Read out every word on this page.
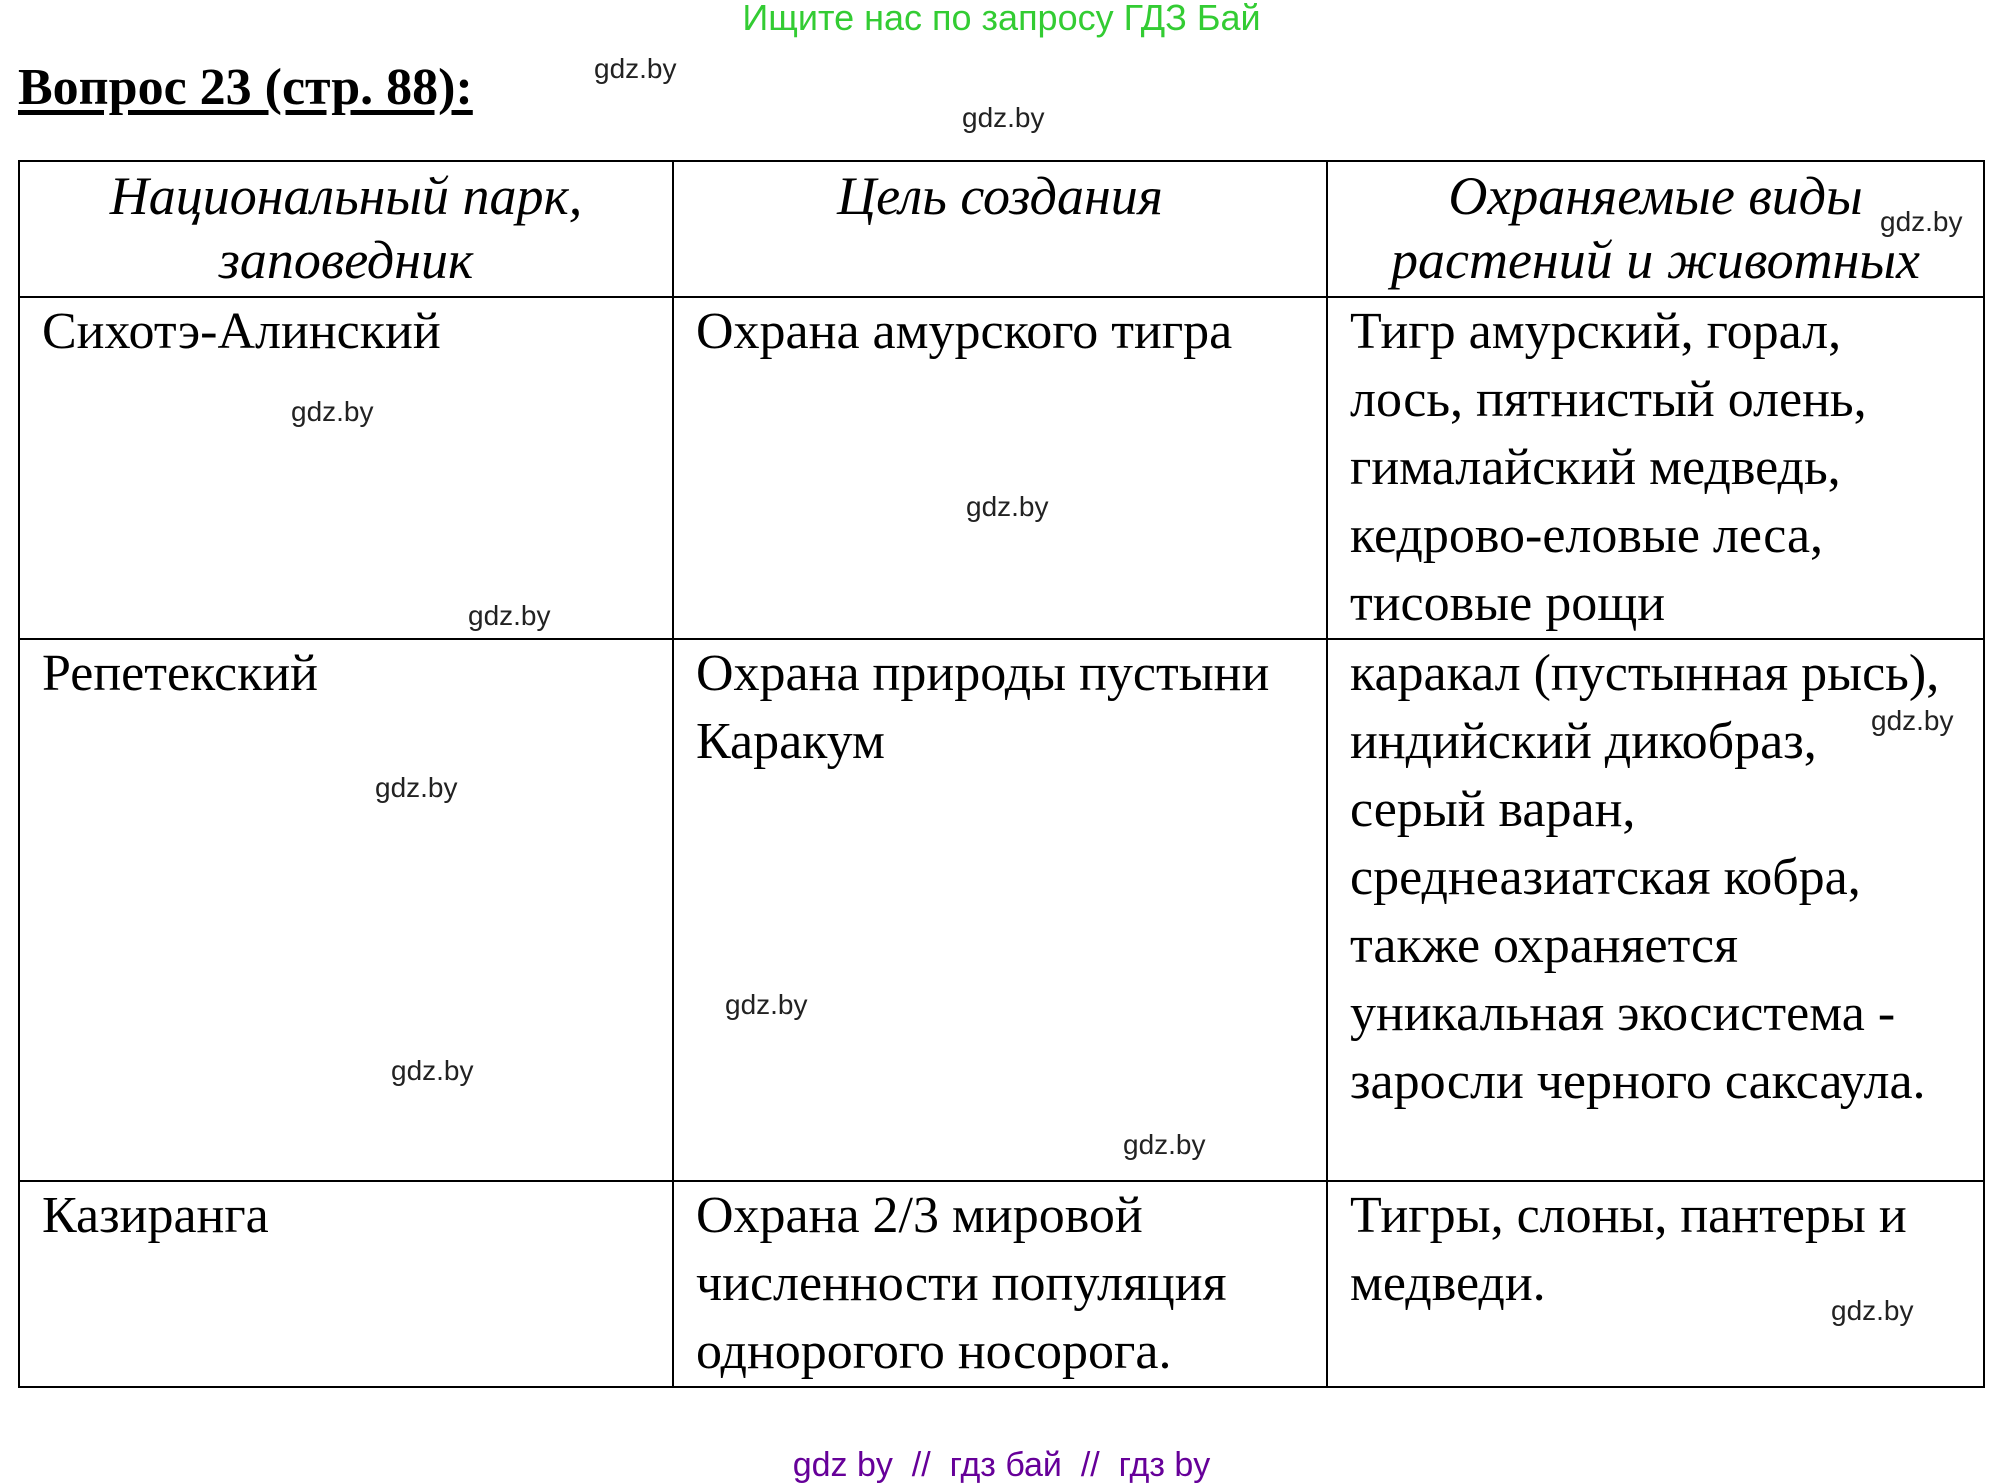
Ищите нас по запросу ГДЗ Бай
Вопрос 23 (стр. 88):
Национальный парк, заповедник	Цель создания	Охраняемые виды растений и животных
Сихотэ-Алинский	Охрана амурского тигра	Тигр амурский, горал, лось, пятнистый олень, гималайский медведь, кедрово-еловые леса, тисовые рощи
Репетекский	Охрана природы пустыни Каракум	каракал (пустынная рысь), индийский дикобраз, серый варан, среднеазиатская кобра, также охраняется уникальная экосистема - заросли черного саксаула.
Казиранга	Охрана 2/3 мировой численности популяция однорогого носорога.	Тигры, слоны, пантеры и медведи.
gdz.by
gdz.by
gdz.by
gdz.by
gdz.by
gdz.by
gdz.by
gdz.by
gdz.by
gdz.by
gdz.by
gdz.by
gdz by  //  гдз бай  //  гдз by
